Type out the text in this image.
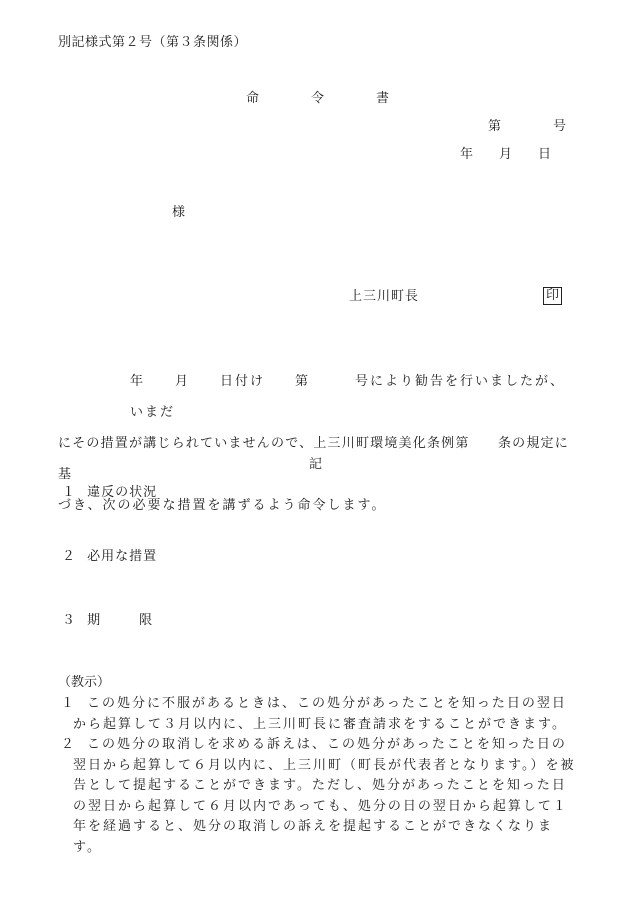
別記様式第２号（第３条関係）
命　　　　令　　　　書
第　　　　号
年　　月　　日
様
上三川町長	印
年　　月　　日付け　　第　　　号により勧告を行いましたが、いまだ
にその措置が講じられていませんので、上三川町環境美化条例第　　条の規定に基
づき、次の必要な措置を講ずるよう命令します。
記
１ 違反の状況
２ 必用な措置
３ 期　　　限
（教示）
１ この処分に不服があるときは、この処分があったことを知った日の翌日から起算して３月以内に、上三川町長に審査請求をすることができます。
２ この処分の取消しを求める訴えは、この処分があったことを知った日の翌日から起算して６月以内に、上三川町（町長が代表者となります。）を被告として提起することができます。ただし、処分があったことを知った日の翌日から起算して６月以内であっても、処分の日の翌日から起算して１年を経過すると、処分の取消しの訴えを提起することができなくなります。
